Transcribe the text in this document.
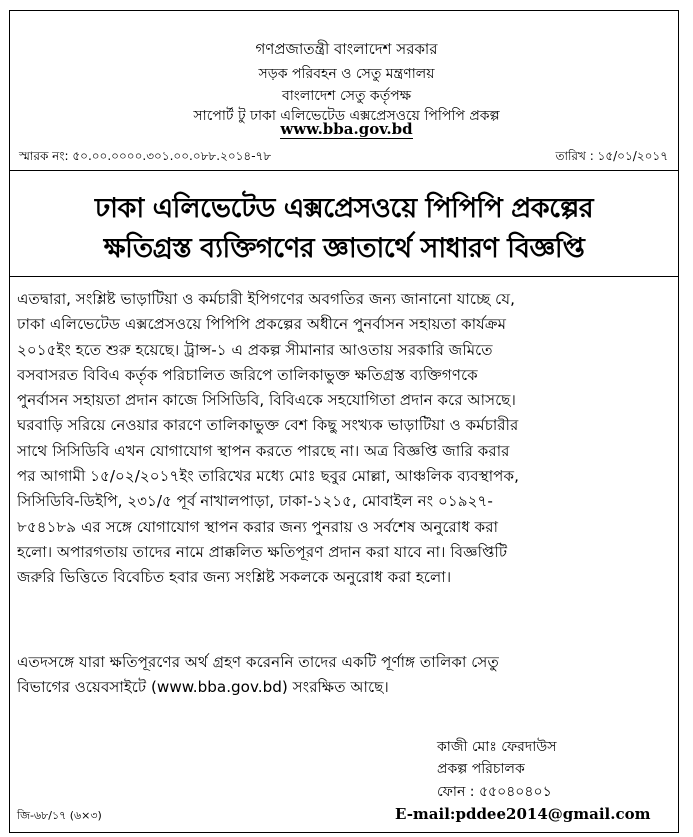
গণপ্রজাতন্ত্রী বাংলাদেশ সরকার
সড়ক পরিবহন ও সেতু মন্ত্রণালয়
বাংলাদেশ সেতু কর্তৃপক্ষ
সাপোর্ট টু ঢাকা এলিভেটেড এক্সপ্রেসওয়ে পিপিপি প্রকল্প
www.bba.gov.bd
স্মারক নং: ৫০.০০.০০০০.৩০১.০০.০৮৮.২০১৪-৭৮	তারিখ : ১৫/০১/২০১৭
ঢাকা এলিভেটেড এক্সপ্রেসওয়ে পিপিপি প্রকল্পের
ক্ষতিগ্রস্ত ব্যক্তিগণের জ্ঞাতার্থে সাধারণ বিজ্ঞপ্তি
এতদ্বারা, সংশ্লিষ্ট ভাড়াটিয়া ও কর্মচারী ইপিগণের অবগতির জন্য জানানো যাচ্ছে যে,
ঢাকা এলিভেটেড এক্সপ্রেসওয়ে পিপিপি প্রকল্পের অধীনে পুনর্বাসন সহায়তা কার্যক্রম
২০১৫ইং হতে শুরু হয়েছে। ট্রান্স-১ এ প্রকল্প সীমানার আওতায় সরকারি জমিতে
বসবাসরত বিবিএ কর্তৃক পরিচালিত জরিপে তালিকাভুক্ত ক্ষতিগ্রস্ত ব্যক্তিগণকে
পুনর্বাসন সহায়তা প্রদান কাজে সিসিডিবি, বিবিএকে সহযোগিতা প্রদান করে আসছে।
ঘরবাড়ি সরিয়ে নেওয়ার কারণে তালিকাভুক্ত বেশ কিছু সংখ্যক ভাড়াটিয়া ও কর্মচারীর
সাথে সিসিডিবি এখন যোগাযোগ স্থাপন করতে পারছে না। অত্র বিজ্ঞপ্তি জারি করার
পর আগামী ১৫/০২/২০১৭ইং তারিখের মধ্যে মোঃ ছবুর মোল্লা, আঞ্চলিক ব্যবস্থাপক,
সিসিডিবি-ডিইপি, ২৩১/৫ পূর্ব নাখালপাড়া, ঢাকা-১২১৫, মোবাইল নং ০১৯২৭-
৮৫৪১৮৯ এর সঙ্গে যোগাযোগ স্থাপন করার জন্য পুনরায় ও সর্বশেষ অনুরোধ করা
হলো। অপারগতায় তাদের নামে প্রাক্কলিত ক্ষতিপূরণ প্রদান করা যাবে না। বিজ্ঞপ্তিটি
জরুরি ভিত্তিতে বিবেচিত হবার জন্য সংশ্লিষ্ট সকলকে অনুরোধ করা হলো।
এতদসঙ্গে যারা ক্ষতিপূরণের অর্থ গ্রহণ করেননি তাদের একটি পূর্ণাঙ্গ তালিকা সেতু
বিভাগের ওয়েবসাইটে (www.bba.gov.bd) সংরক্ষিত আছে।
কাজী মোঃ ফেরদাউস
প্রকল্প পরিচালক
ফোন : ৫৫০৪০৪০১
জি-৬৮/১৭ (৬×৩)	E-mail:pddee2014@gmail.com
